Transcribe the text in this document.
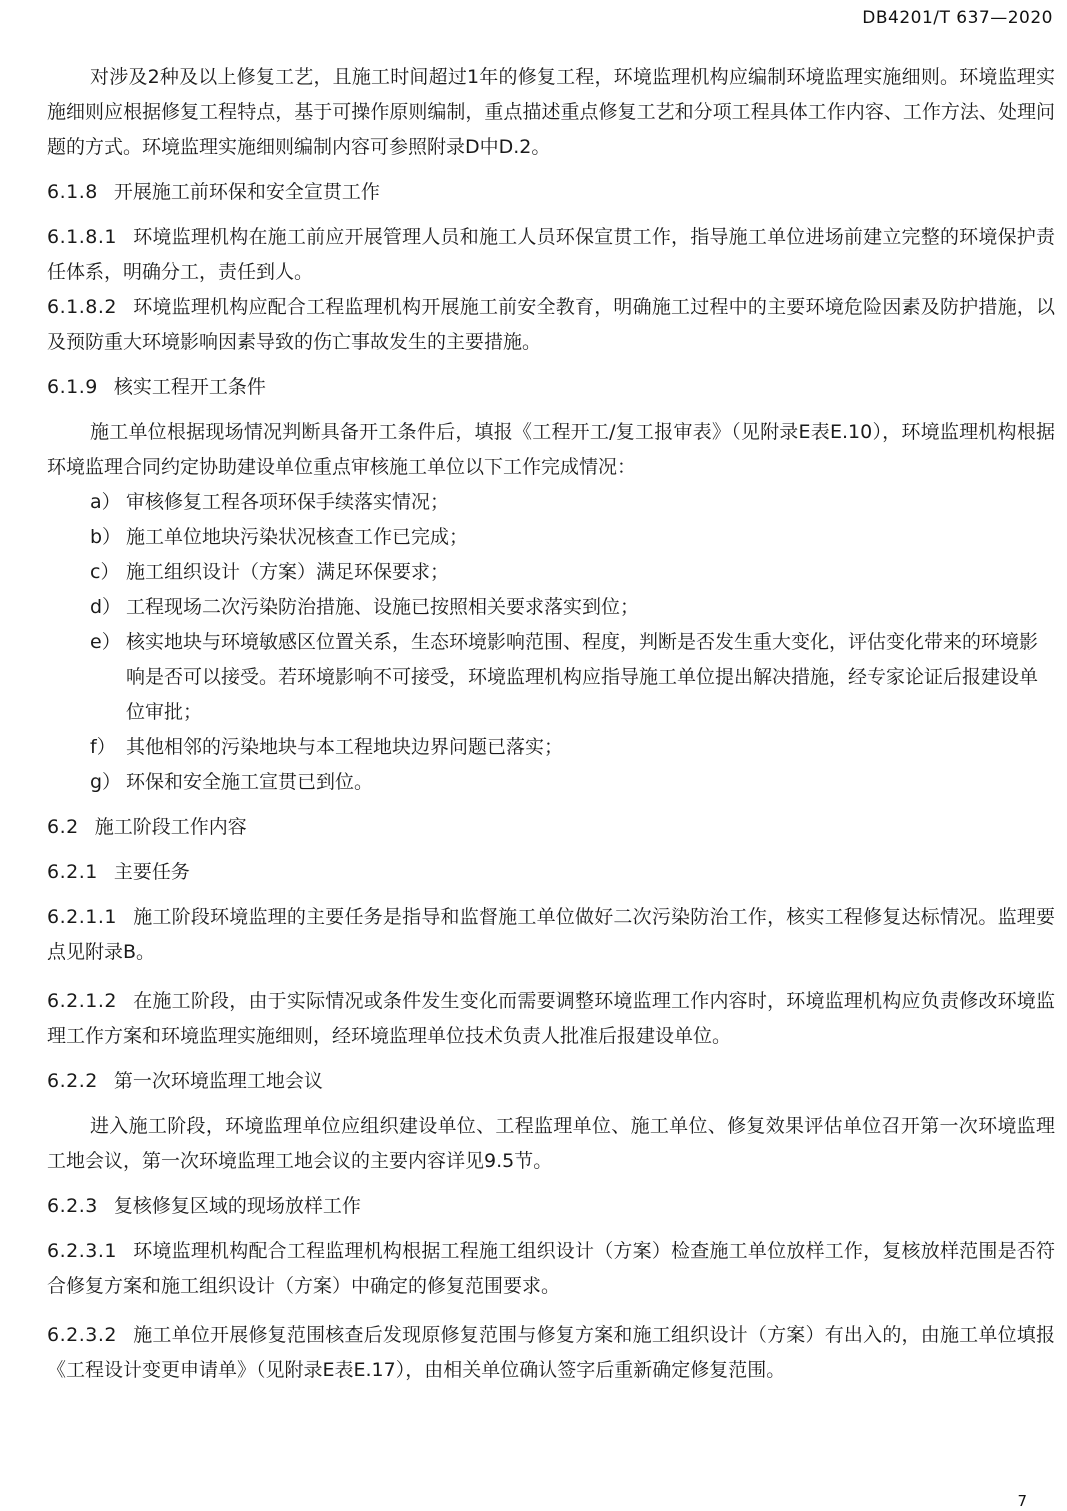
DB4201/T 637—2020

对涉及2种及以上修复工艺，且施工时间超过1年的修复工程，环境监理机构应编制环境监理实施细则。环境监理实施细则应根据修复工程特点，基于可操作原则编制，重点描述重点修复工艺和分项工程具体工作内容、工作方法、处理问题的方式。环境监理实施细则编制内容可参照附录D中D.2。

6.1.8 开展施工前环保和安全宣贯工作

6.1.8.1 环境监理机构在施工前应开展管理人员和施工人员环保宣贯工作，指导施工单位进场前建立完整的环境保护责任体系，明确分工，责任到人。

6.1.8.2 环境监理机构应配合工程监理机构开展施工前安全教育，明确施工过程中的主要环境危险因素及防护措施，以及预防重大环境影响因素导致的伤亡事故发生的主要措施。

6.1.9 核实工程开工条件

施工单位根据现场情况判断具备开工条件后，填报《工程开工/复工报审表》（见附录E表E.10），环境监理机构根据环境监理合同约定协助建设单位重点审核施工单位以下工作完成情况：

a） 审核修复工程各项环保手续落实情况；
b） 施工单位地块污染状况核查工作已完成；
c） 施工组织设计（方案）满足环保要求；
d） 工程现场二次污染防治措施、设施已按照相关要求落实到位；
e） 核实地块与环境敏感区位置关系，生态环境影响范围、程度，判断是否发生重大变化，评估变化带来的环境影响是否可以接受。若环境影响不可接受，环境监理机构应指导施工单位提出解决措施，经专家论证后报建设单位审批；
f） 其他相邻的污染地块与本工程地块边界问题已落实；
g） 环保和安全施工宣贯已到位。
6.2 施工阶段工作内容
6.2.1 主要任务

6.2.1.1 施工阶段环境监理的主要任务是指导和监督施工单位做好二次污染防治工作，核实工程修复达标情况。监理要点见附录B。

6.2.1.2 在施工阶段，由于实际情况或条件发生变化而需要调整环境监理工作内容时，环境监理机构应负责修改环境监理工作方案和环境监理实施细则，经环境监理单位技术负责人批准后报建设单位。

6.2.2 第一次环境监理工地会议

进入施工阶段，环境监理单位应组织建设单位、工程监理单位、施工单位、修复效果评估单位召开第一次环境监理工地会议，第一次环境监理工地会议的主要内容详见9.5节。

6.2.3 复核修复区域的现场放样工作

6.2.3.1 环境监理机构配合工程监理机构根据工程施工组织设计（方案）检查施工单位放样工作，复核放样范围是否符合修复方案和施工组织设计（方案）中确定的修复范围要求。

6.2.3.2 施工单位开展修复范围核查后发现原修复范围与修复方案和施工组织设计（方案）有出入的，由施工单位填报《工程设计变更申请单》（见附录E表E.17），由相关单位确认签字后重新确定修复范围。

7
